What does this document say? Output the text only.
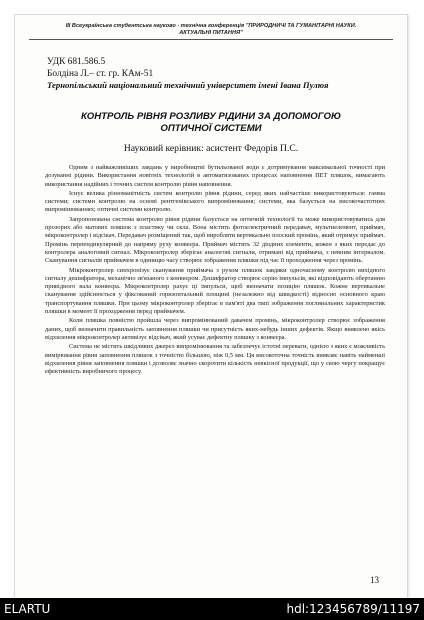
ІІІ Всеукраїнська студентська науково - технічна конференція "ПРИРОДНИЧІ ТА ГУМАНІТАРНІ НАУКИ.
АКТУАЛЬНІ ПИТАННЯ"
УДК 681.586.5
Болдіна Л.– ст. гр. КАм-51
Тернопільський національний технічний університет імені Івана Пулюя
КОНТРОЛЬ РІВНЯ РОЗЛИВУ РІДИНИ ЗА ДОПОМОГОЮ
ОПТИЧНОЇ СИСТЕМИ
Науковий керівник: асистент Федорів П.С.

Одним з найважливіших завдань у виробництві бутильованої води є дотримування максимальної точності при дозуванні рідини. Використання новітніх технологій в автоматизованих процесах наповнення ПЕТ пляшок, вимагають використання надійних і точних систем контролю рівня наповнення.

Існує велика різноманітність систем контролю рівня рідини, серед яких найчастіше використовуються: гамма системи; системи контролю на основі рентгенівського випромінювання; системи, яка базується на високочастотних випромінюваннях; оптичні системи контролю.

Запропонована система контролю рівня рідини базується на оптичній технології та може використовуватись для прозорих або матових пляшок з пластику чи скла. Вона містить фотоелектричний передавач, мультиелемент, приймач, мікроконтролер і відсікач. Передавач розміщений так, щоб виробляти вертикально плоский промінь, який отримує приймач. Промінь перпендикулярний до напряму руху конвеєра. Приймач містить 32 діодних елементи, кожен з яких передає до контролера аналоговий сигнал. Мікроконтролер зберігає аналогові сигнали, отримані від приймача, з певним інтервалом. Сканування сигналів приймачем в одиницю часу створює зображення пляшки під час її проходження через промінь.

Мікроконтролер синхронізує сканування приймача з рухом пляшок завдяки одночасному контролю вихідного сигналу дешифратора, механічно зв'язаного з конвеєром. Дешифратор створює серію імпульсів, які відповідають обертанню привідного вала конвеєра. Мікроконтролер рахує ці імпульси, щоб визначати позицію пляшок. Кожне вертикальне сканування здійснюється у фіксований горизонтальний площині (незалежно від швидкості) відносно основного краю транспортування пляшки. При цьому мікроконтролер зберігає в пам'яті два типі зображення поглинальних характеристик пляшки в момент її проходження перед приймачем.

Коли пляшка повністю пройшла через випромінюваний давачем промінь, мікроконтролер створює зображення даних, щоб визначити правильність заповнення пляшки чи присутність яких-небудь інших дефектів. Якщо виявлено якісь відхилення мікроконтролер активізує відсікач, який усуває дефектну пляшку з конвеєра.

Система не містить шкідливих джерел випромінювання та забезпечує істотні переваги, однією з яких є можливість вимірювання рівня заповнення пляшок з точністю більшою, ніж 0,5 мм. Ця високоточна точність виявляє навіть найменші відхилення рівня заповнення пляшки і дозволяє значно скоротити кількість невкісної продукції, що у свою чергу покращує ефективність виробничого процесу.

13
ELARTU	hdl:123456789/11197
